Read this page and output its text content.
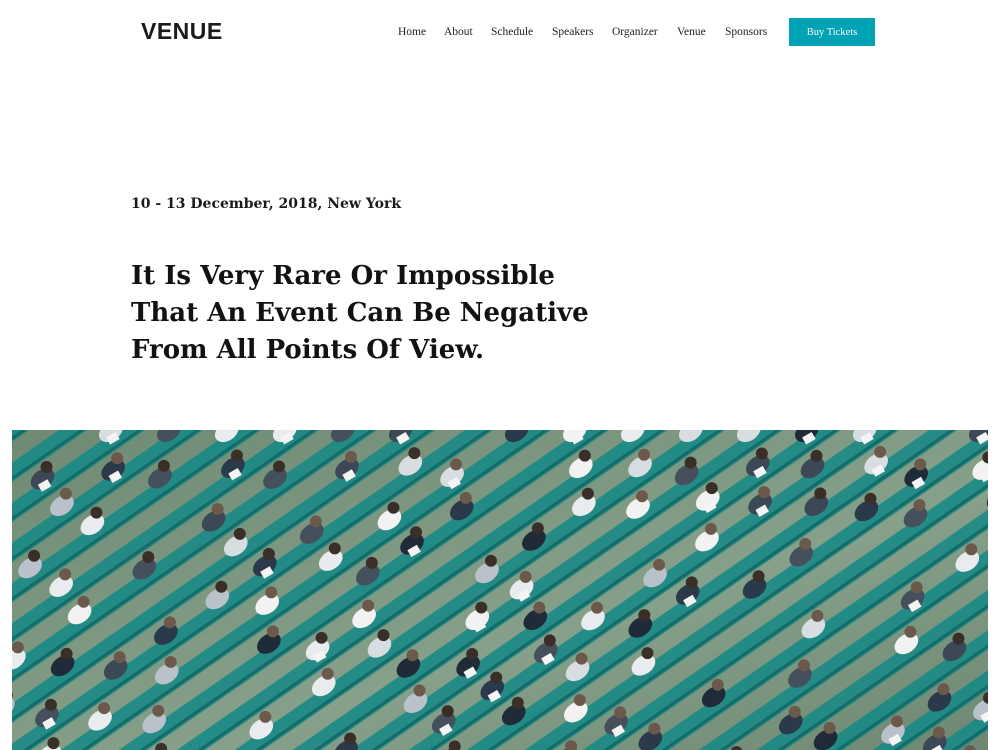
VENUE	Home About Schedule Speakers Organizer Venue Sponsors	Buy Tickets
10 - 13 December, 2018, New York
It Is Very Rare Or Impossible
That An Event Can Be Negative
From All Points Of View.
